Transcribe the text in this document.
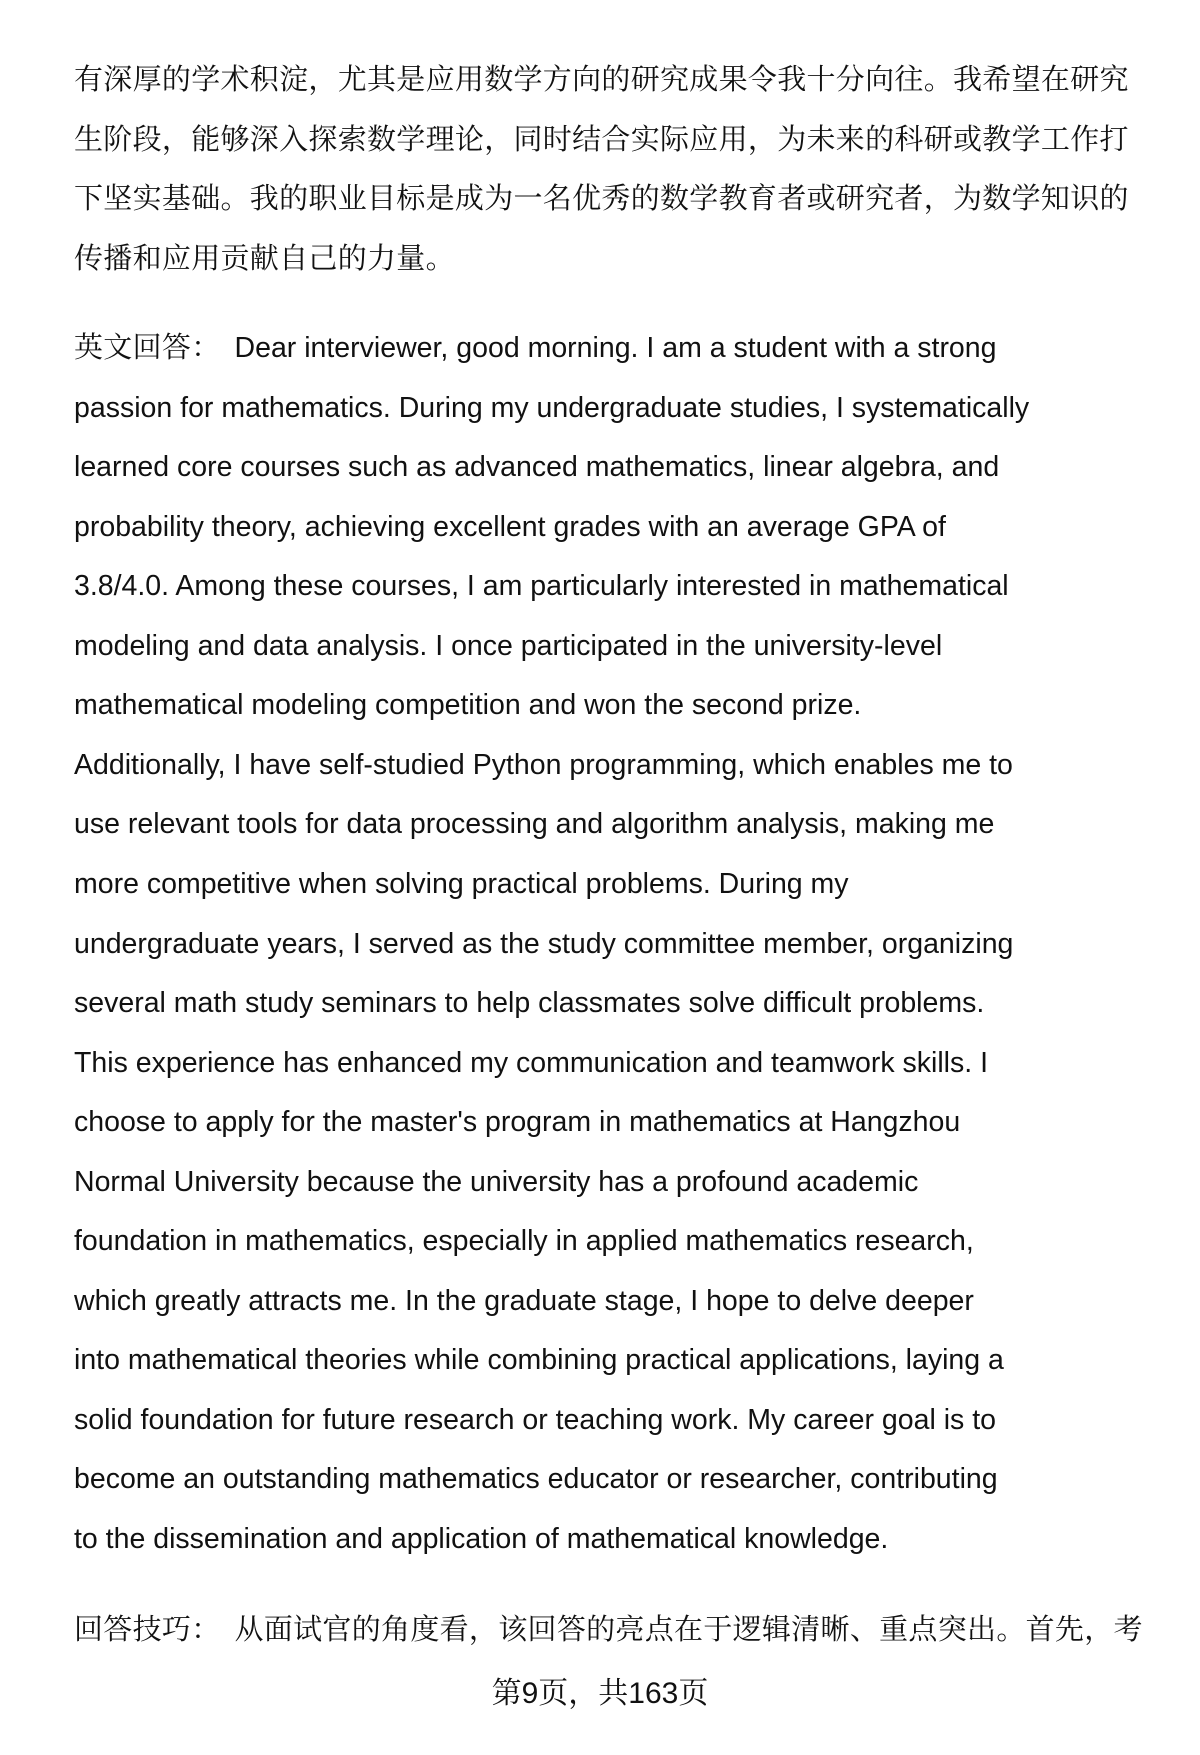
有深厚的学术积淀，尤其是应用数学方向的研究成果令我十分向往。我希望在研究
生阶段，能够深入探索数学理论，同时结合实际应用，为未来的科研或教学工作打
下坚实基础。我的职业目标是成为一名优秀的数学教育者或研究者，为数学知识的
传播和应用贡献自己的力量。
英文回答： Dear interviewer, good morning. I am a student with a strong
passion for mathematics. During my undergraduate studies, I systematically
learned core courses such as advanced mathematics, linear algebra, and
probability theory, achieving excellent grades with an average GPA of
3.8/4.0. Among these courses, I am particularly interested in mathematical
modeling and data analysis. I once participated in the university-level
mathematical modeling competition and won the second prize.
Additionally, I have self-studied Python programming, which enables me to
use relevant tools for data processing and algorithm analysis, making me
more competitive when solving practical problems. During my
undergraduate years, I served as the study committee member, organizing
several math study seminars to help classmates solve difficult problems.
This experience has enhanced my communication and teamwork skills. I
choose to apply for the master's program in mathematics at Hangzhou
Normal University because the university has a profound academic
foundation in mathematics, especially in applied mathematics research,
which greatly attracts me. In the graduate stage, I hope to delve deeper
into mathematical theories while combining practical applications, laying a
solid foundation for future research or teaching work. My career goal is to
become an outstanding mathematics educator or researcher, contributing
to the dissemination and application of mathematical knowledge.
回答技巧： 从面试官的角度看，该回答的亮点在于逻辑清晰、重点突出。首先，考
第9页，共163页
